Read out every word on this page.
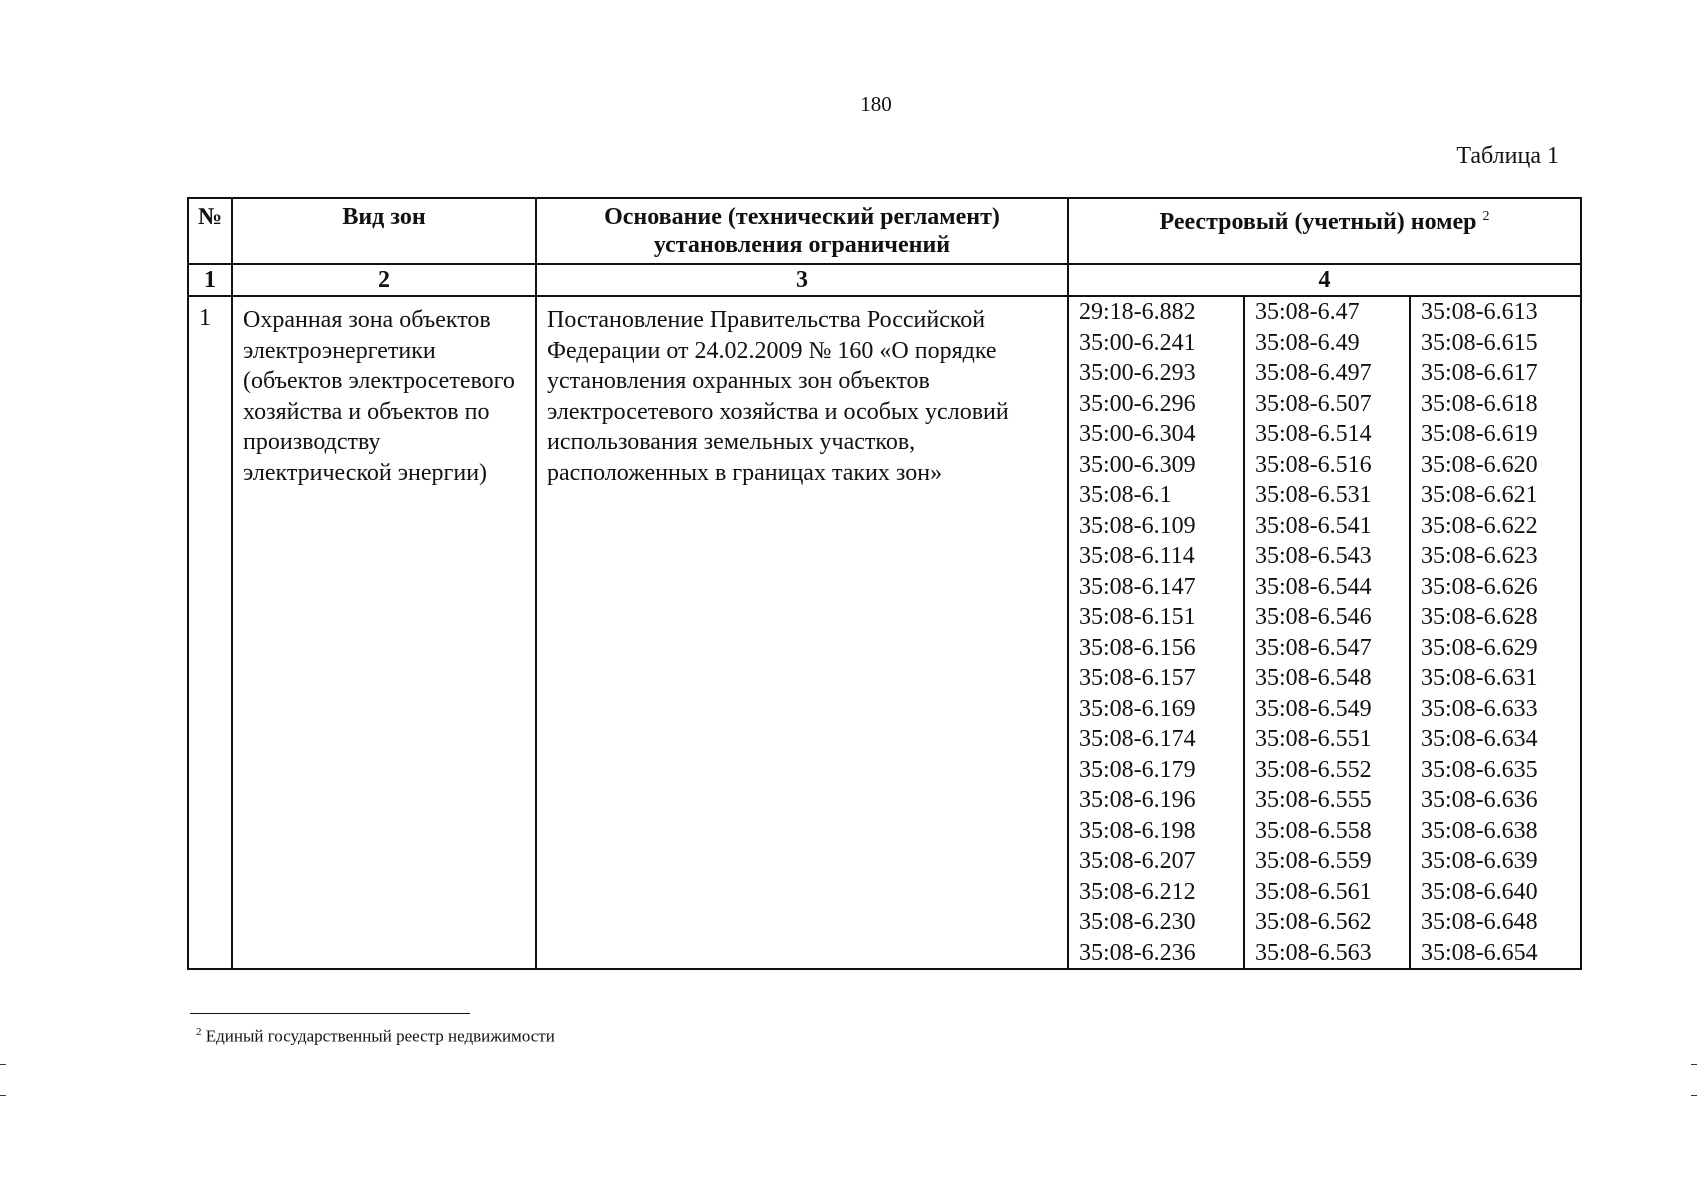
180
Таблица 1
№	Вид зон	Основание (технический регламент) установления ограничений	Реестровый (учетный) номер $^2$
1	2	3	4
1	Охранная зона объектов электроэнергетики (объектов электросетевого хозяйства и объектов по производству электрической энергии)	Постановление Правительства Российской Федерации от 24.02.2009 № 160 «О порядке установления охранных зон объектов электросетевого хозяйства и особых условий использования земельных участков, расположенных в границах таких зон»	
29:18-6.882	35:08-6.47	35:08-6.613
35:00-6.241	35:08-6.49	35:08-6.615
35:00-6.293	35:08-6.497	35:08-6.617
35:00-6.296	35:08-6.507	35:08-6.618
35:00-6.304	35:08-6.514	35:08-6.619
35:00-6.309	35:08-6.516	35:08-6.620
35:08-6.1	35:08-6.531	35:08-6.621
35:08-6.109	35:08-6.541	35:08-6.622
35:08-6.114	35:08-6.543	35:08-6.623
35:08-6.147	35:08-6.544	35:08-6.626
35:08-6.151	35:08-6.546	35:08-6.628
35:08-6.156	35:08-6.547	35:08-6.629
35:08-6.157	35:08-6.548	35:08-6.631
35:08-6.169	35:08-6.549	35:08-6.633
35:08-6.174	35:08-6.551	35:08-6.634
35:08-6.179	35:08-6.552	35:08-6.635
35:08-6.196	35:08-6.555	35:08-6.636
35:08-6.198	35:08-6.558	35:08-6.638
35:08-6.207	35:08-6.559	35:08-6.639
35:08-6.212	35:08-6.561	35:08-6.640
35:08-6.230	35:08-6.562	35:08-6.648
35:08-6.236	35:08-6.563	35:08-6.654
$^2$ Единый государственный реестр недвижимости
